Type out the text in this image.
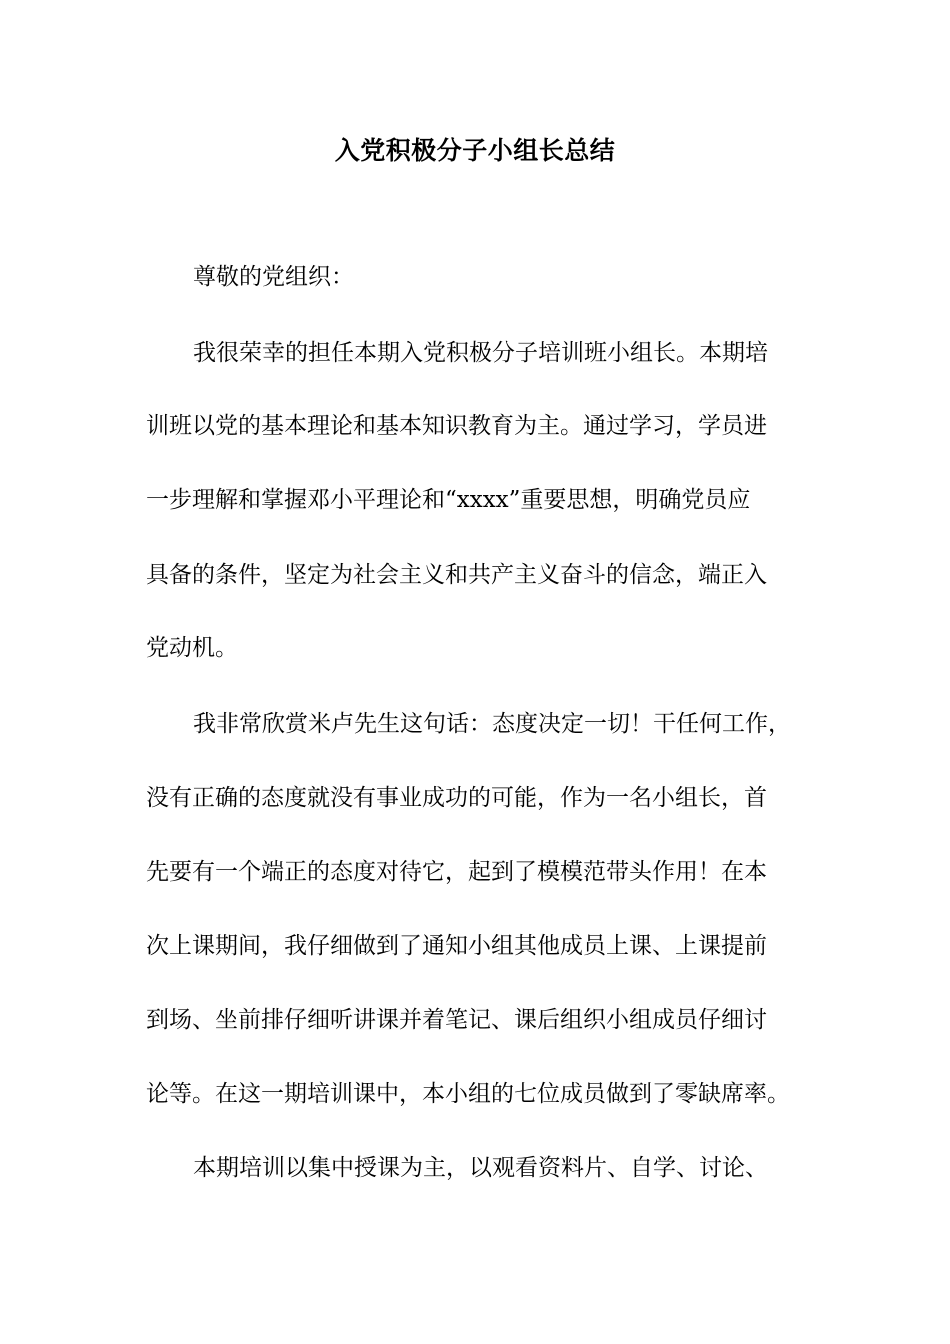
入党积极分子小组长总结
尊敬的党组织：
我很荣幸的担任本期入党积极分子培训班小组长。本期培
训班以党的基本理论和基本知识教育为主。通过学习，学员进
一步理解和掌握邓小平理论和“xxxx”重要思想，明确党员应
具备的条件，坚定为社会主义和共产主义奋斗的信念，端正入
党动机。
我非常欣赏米卢先生这句话：态度决定一切！干任何工作，
没有正确的态度就没有事业成功的可能，作为一名小组长，首
先要有一个端正的态度对待它，起到了模模范带头作用！在本
次上课期间，我仔细做到了通知小组其他成员上课、上课提前
到场、坐前排仔细听讲课并着笔记、课后组织小组成员仔细讨
论等。在这一期培训课中，本小组的七位成员做到了零缺席率。
本期培训以集中授课为主，以观看资料片、自学、讨论、
